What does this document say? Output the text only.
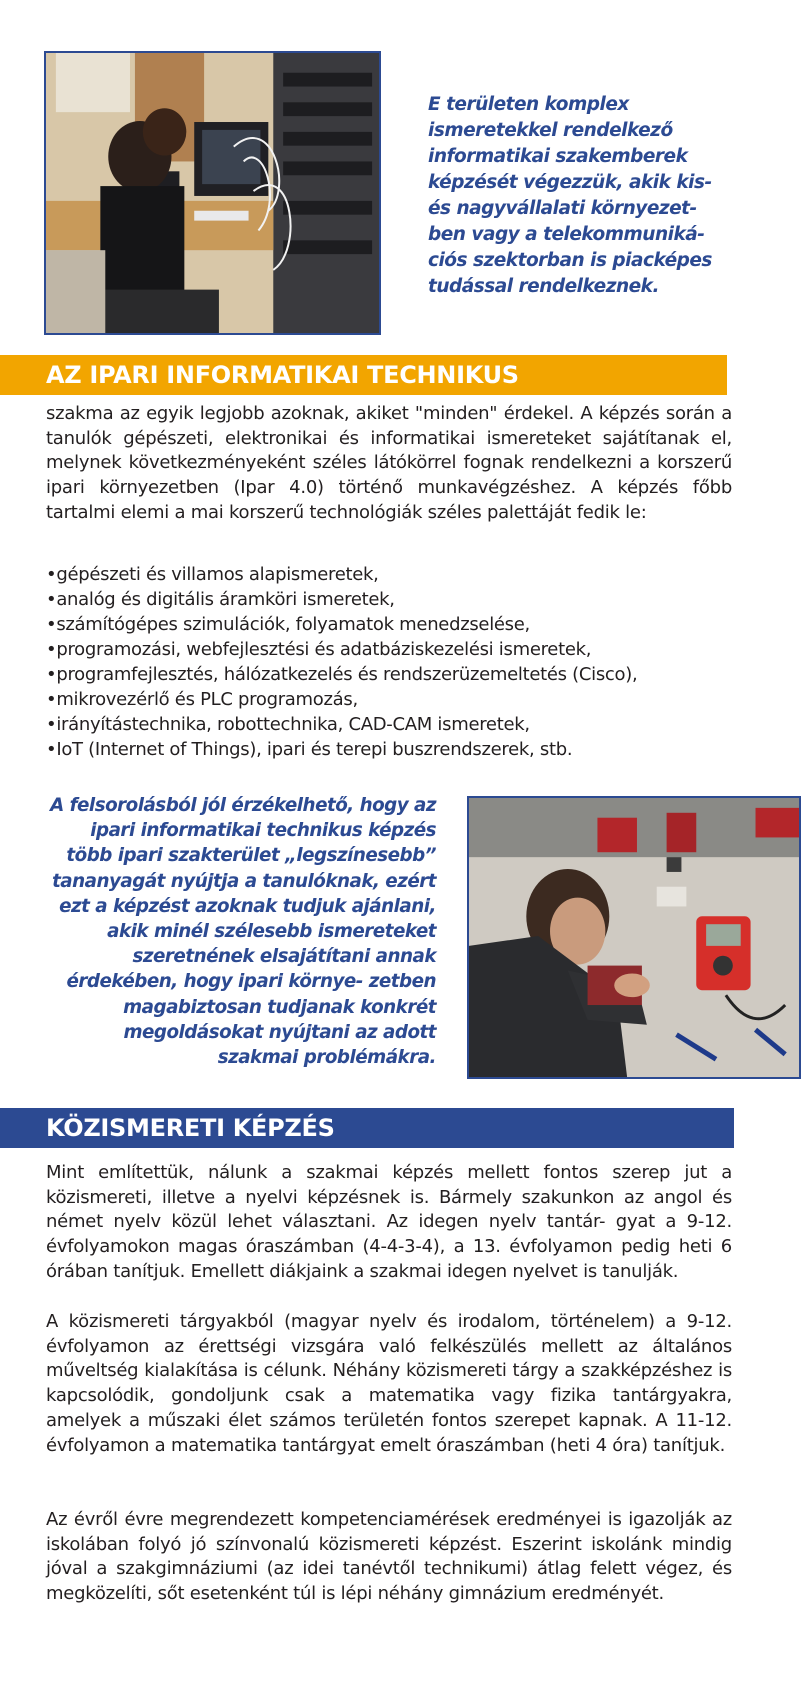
E területen komplex ismeretekkel rendelkező informatikai szakemberek képzését végezzük, akik kis- és nagyvállalati környezet- ben vagy a telekommuniká- ciós szektorban is piacképes tudással rendelkeznek.

AZ IPARI INFORMATIKAI TECHNIKUS

szakma az egyik legjobb azoknak, akiket "minden" érdekel. A képzés során a tanulók gépészeti, elektronikai és informatikai ismereteket sajátítanak el, melynek következményeként széles látókörrel fognak rendelkezni a korszerű ipari környezetben (Ipar 4.0) történő munkavégzéshez. A képzés főbb tartalmi elemi a mai korszerű technológiák széles palettáját fedik le:

• gépészeti és villamos alapismeretek,
• analóg és digitális áramköri ismeretek,
• számítógépes szimulációk, folyamatok menedzselése,
• programozási, webfejlesztési és adatbáziskezelési ismeretek,
• programfejlesztés, hálózatkezelés és rendszerüzemeltetés (Cisco),
• mikrovezérlő és PLC programozás,
• irányítástechnika, robottechnika, CAD-CAM ismeretek,
• IoT (Internet of Things), ipari és terepi buszrendszerek, stb.

A felsorolásból jól érzékelhető, hogy az ipari informatikai technikus képzés több ipari szakterület „legszínesebb” tananyagát nyújtja a tanulóknak, ezért ezt a képzést azoknak tudjuk ajánlani, akik minél szélesebb ismereteket szeretnének elsajátítani annak érdekében, hogy ipari környe- zetben magabiztosan tudjanak konkrét megoldásokat nyújtani az adott szakmai problémákra.

KÖZISMERETI KÉPZÉS

Mint említettük, nálunk a szakmai képzés mellett fontos szerep jut a közismereti, illetve a nyelvi képzésnek is. Bármely szakunkon az angol és német nyelv közül lehet választani. Az idegen nyelv tantár- gyat a 9-12. évfolyamokon magas óraszámban (4-4-3-4), a 13. évfolyamon pedig heti 6 órában tanítjuk. Emellett diákjaink a szakmai idegen nyelvet is tanulják.

A közismereti tárgyakból (magyar nyelv és irodalom, történelem) a 9-12. évfolyamon az érettségi vizsgára való felkészülés mellett az általános műveltség kialakítása is célunk. Néhány közismereti tárgy a szakképzéshez is kapcsolódik, gondoljunk csak a matematika vagy fizika tantárgyakra, amelyek a műszaki élet számos területén fontos szerepet kapnak. A 11-12. évfolyamon a matematika tantárgyat emelt óraszámban (heti 4 óra) tanítjuk.

Az évről évre megrendezett kompetenciamérések eredményei is igazolják az iskolában folyó jó színvonalú közismereti képzést. Eszerint iskolánk mindig jóval a szakgimnáziumi (az idei tanévtől technikumi) átlag felett végez, és megközelíti, sőt esetenként túl is lépi néhány gimnázium eredményét.
